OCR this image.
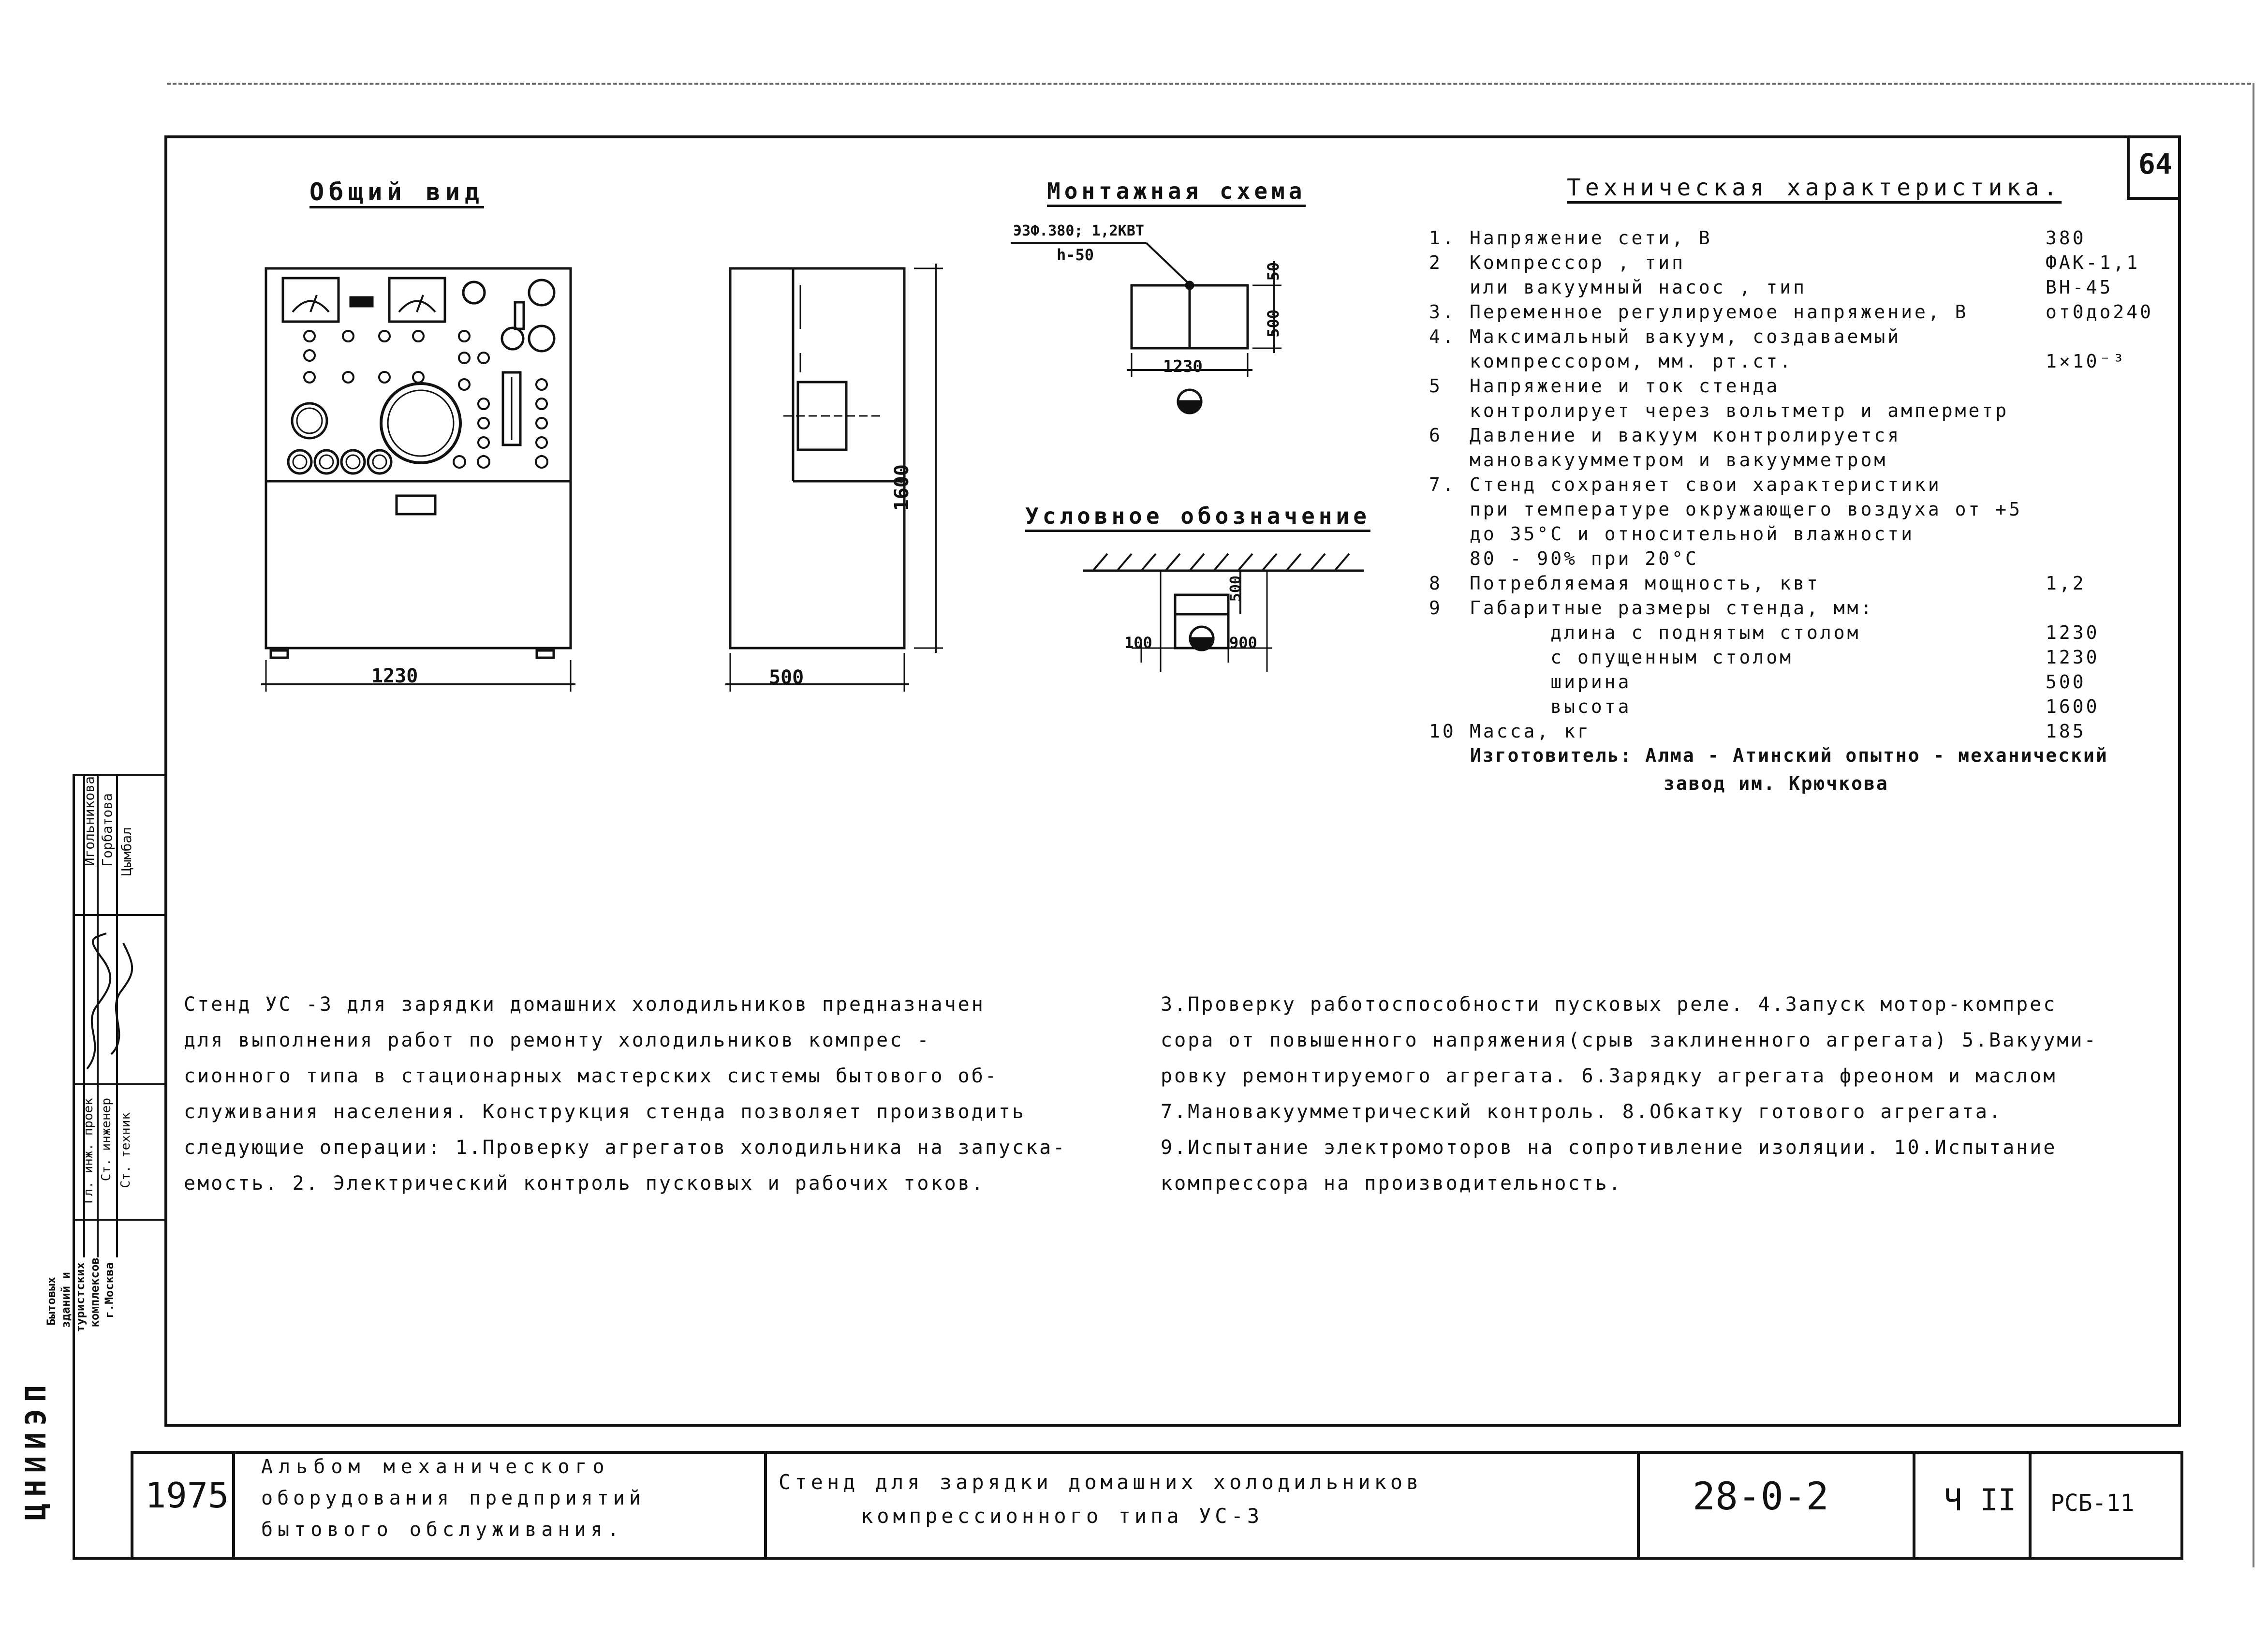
64
Общий вид
1230	500
1600
Монтажная схема
Э3Ф.380; 1,2КВТ
h-50
50
500
1230
Условное обозначение
500
100	900
Техническая характеристика.
1. Напряжение сети, В	380
2	Компрессор , тип	ФАК-1,1
или вакуумный насос , тип	ВН-45
3. Переменное регулируемое напряжение, В	от0до240
4. Максимальный вакуум, создаваемый
компрессором, мм. рт.ст.	1×10⁻³
5	Напряжение и ток стенда
контролирует через вольтметр и амперметр
6	Давление и вакуум контролируется
мановакуумметром и вакуумметром
7. Стенд сохраняет свои характеристики
при температуре окружающего воздуха от +5
до 35°С и относительной влажности
80 - 90% при 20°С
8	Потребляемая мощность, квт	1,2
9	Габаритные размеры стенда, мм:
длина с поднятым столом	1230
с опущенным столом	1230
ширина	500
высота	1600
10 Масса, кг	185
Изготовитель: Алма - Атинский опытно - механический
завод им. Крючкова
Стенд УС -3 для зарядки домашних холодильников предназначен
для выполнения работ по ремонту холодильников компрес -
сионного типа в стационарных мастерских системы бытового об-
служивания населения. Конструкция стенда позволяет производить
следующие операции: 1.Проверку агрегатов холодильника на запуска-
емость. 2. Электрический контроль пусковых и рабочих токов.
3.Проверку работоспособности пусковых реле. 4.Запуск мотор-компрес
сора от повышенного напряжения(срыв заклиненного агрегата) 5.Вакууми-
ровку ремонтируемого агрегата. 6.Зарядку агрегата фреоном и маслом
7.Мановакуумметрический контроль. 8.Обкатку готового агрегата.
9.Испытание электромоторов на сопротивление изоляции. 10.Испытание
компрессора на производительность.
1975
Альбом механического
оборудования предприятий
бытового обслуживания.
Стенд для зарядки домашних холодильников
компрессионного типа УС-3	28-0-2	Ч II РСБ-11
Игольникова Горбатова Цымбал
Гл. инж. проек Ст. инженер Ст. техник
Бытовых зданий и туристских комплексов г.Москва
ЦНИИЭП
